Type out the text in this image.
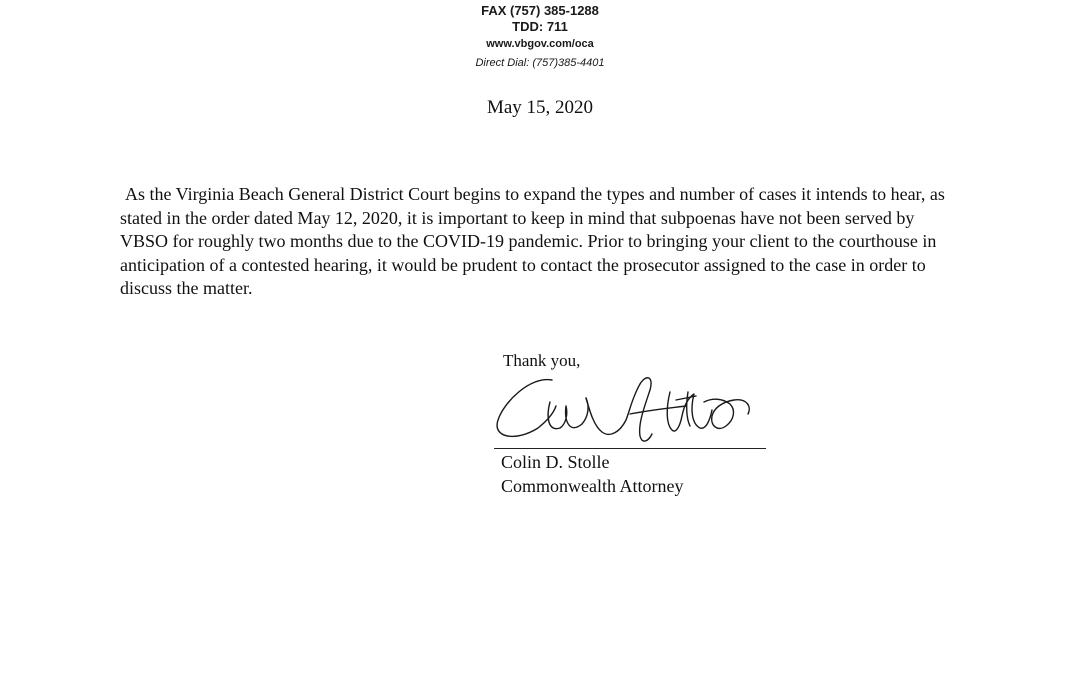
FAX (757) 385-1288
TDD: 711
www.vbgov.com/oca
Direct Dial: (757)385-4401
May 15, 2020

As the Virginia Beach General District Court begins to expand the types and number of cases it intends to hear, as stated in the order dated May 12, 2020, it is important to keep in mind that subpoenas have not been served by VBSO for roughly two months due to the COVID-19 pandemic. Prior to bringing your client to the courthouse in anticipation of a contested hearing, it would be prudent to contact the prosecutor assigned to the case in order to discuss the matter.

Thank you,
Colin D. Stolle
Commonwealth Attorney
